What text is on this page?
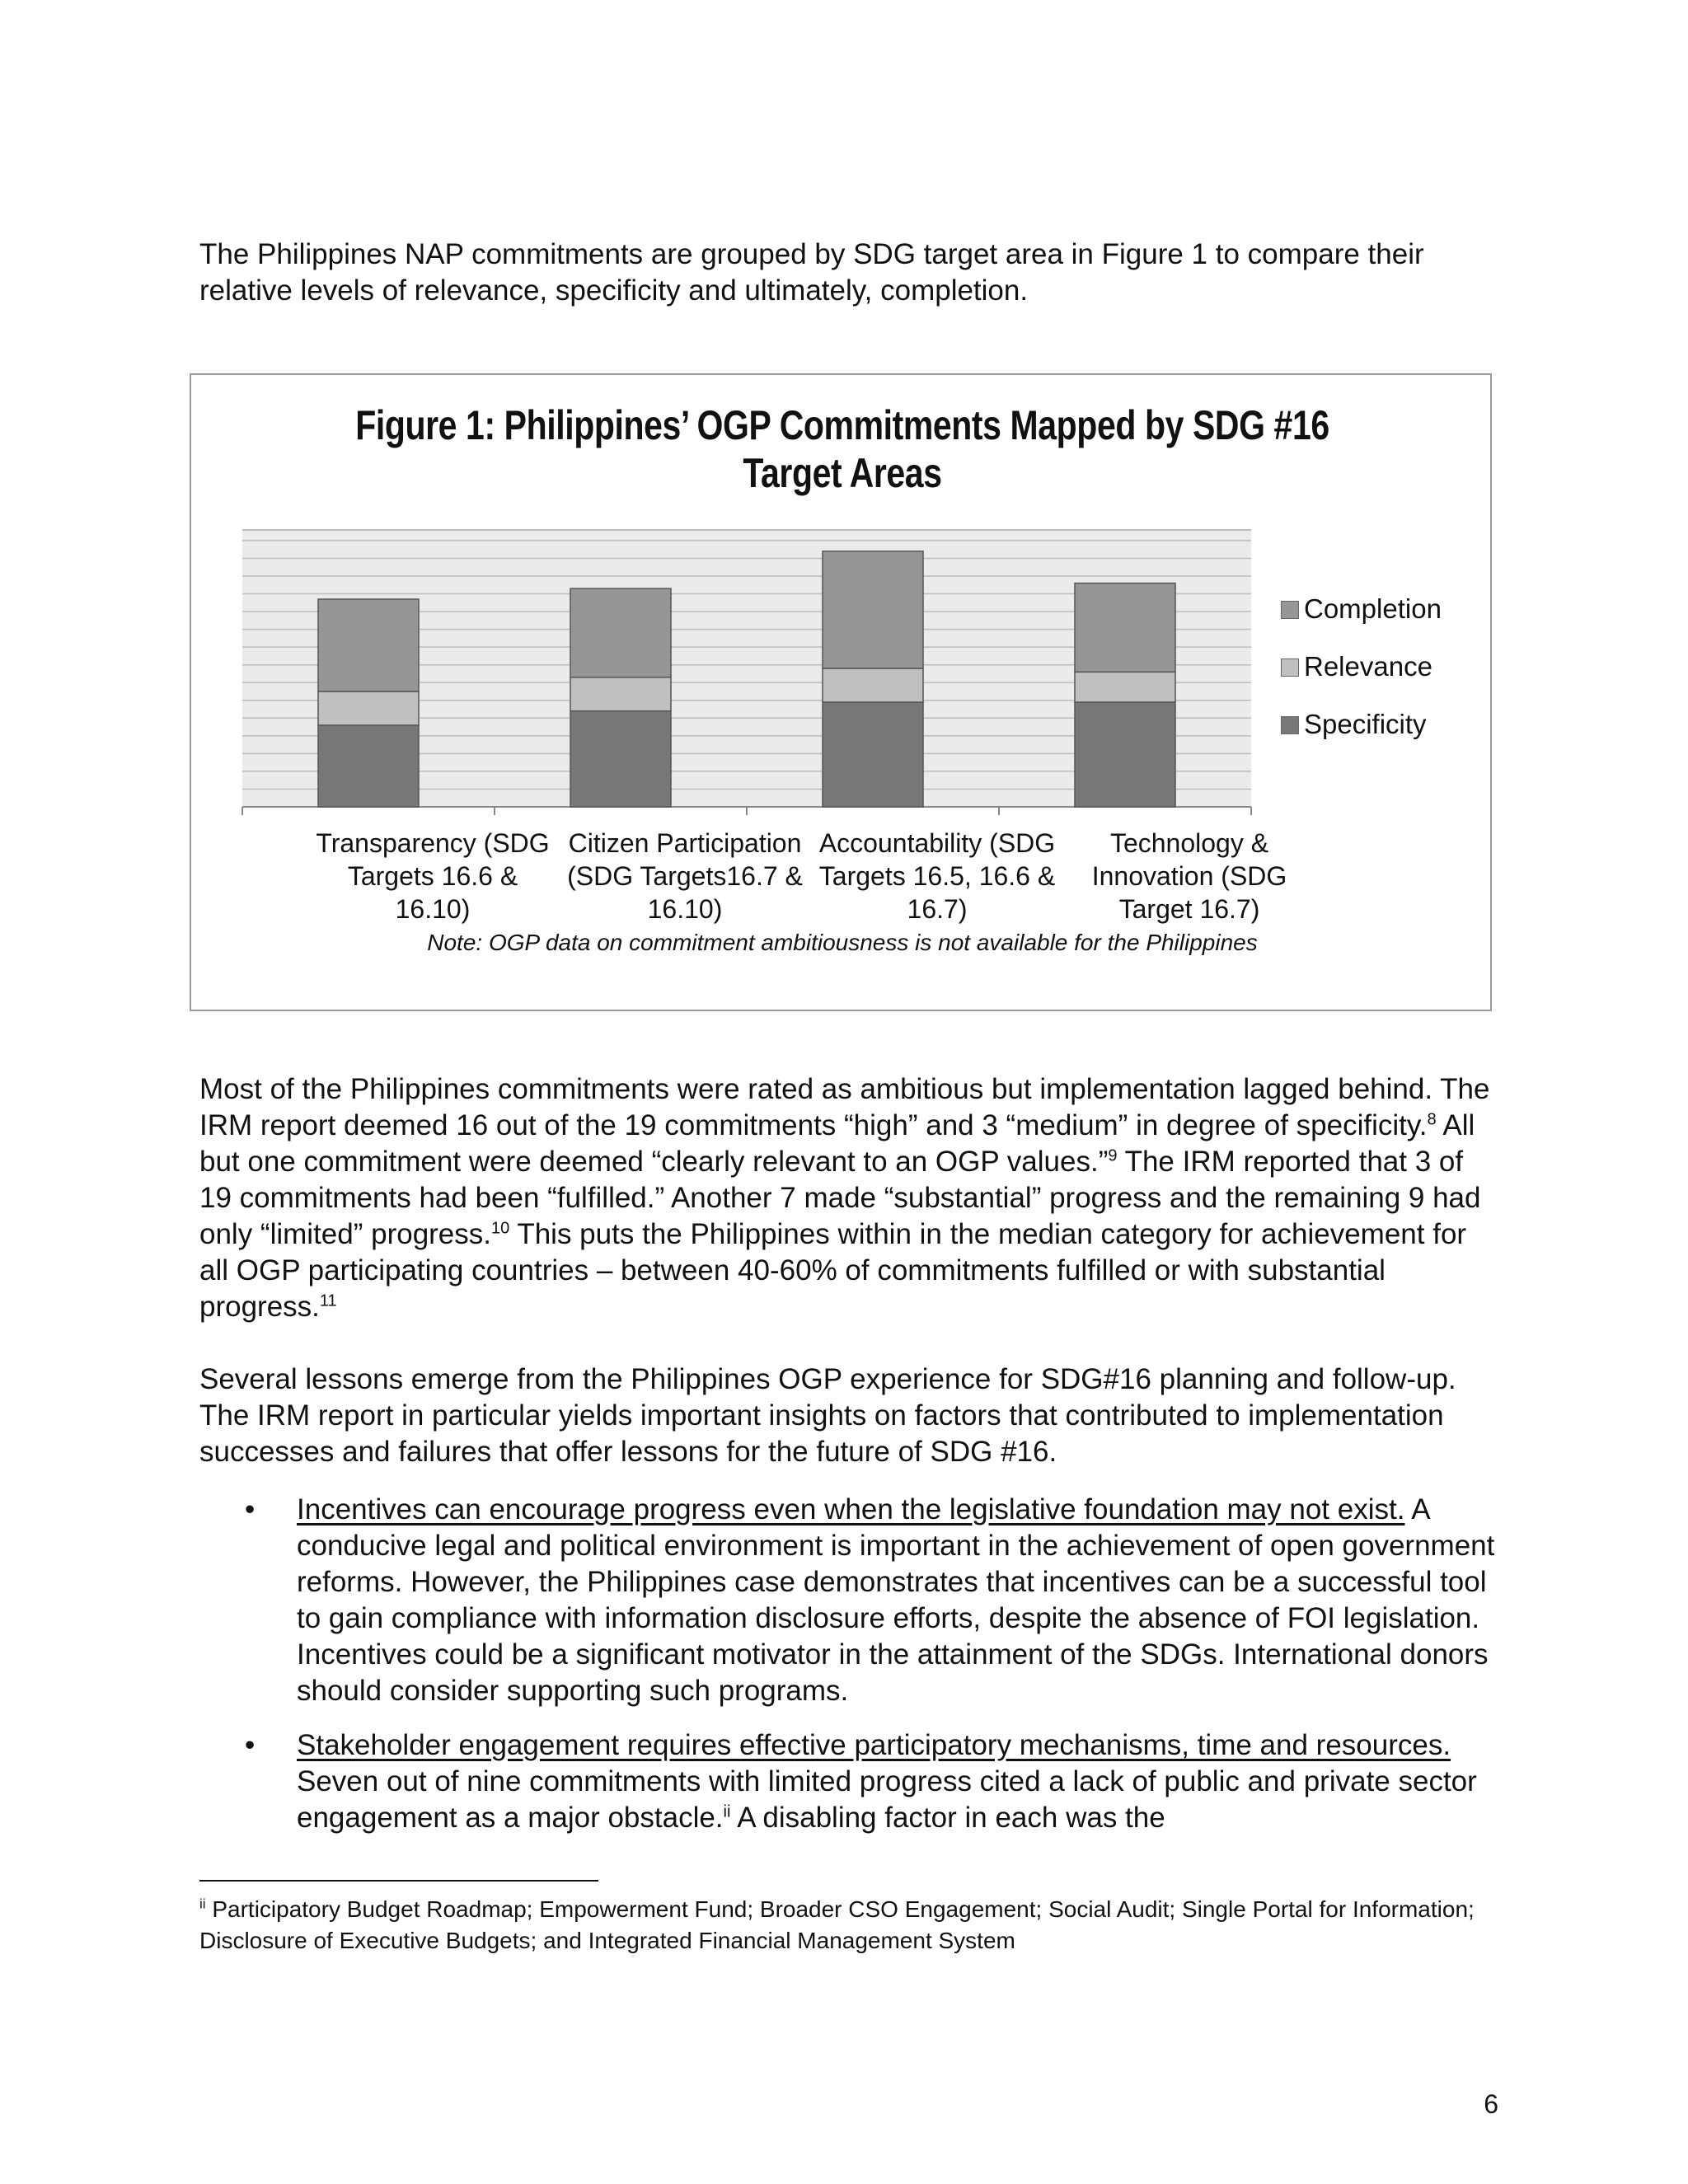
The Philippines NAP commitments are grouped by SDG target area in Figure 1 to compare their relative levels of relevance, specificity and ultimately, completion.

Figure 1: Philippines’ OGP Commitments Mapped by SDG #16
Target Areas
Transparency (SDG
Targets 16.6 &
16.10)
Citizen Participation
(SDG Targets16.7 &
16.10)
Accountability (SDG
Targets 16.5, 16.6 &
16.7)
Technology &
Innovation (SDG
Target 16.7)
Completion
Relevance
Specificity
Note: OGP data on commitment ambitiousness is not available for the Philippines

Most of the Philippines commitments were rated as ambitious but implementation lagged behind. The IRM report deemed 16 out of the 19 commitments “high” and 3 “medium” in degree of specificity.$^8$ All but one commitment were deemed “clearly relevant to an OGP values.”$^9$ The IRM reported that 3 of 19 commitments had been “fulfilled.” Another 7 made “substantial” progress and the remaining 9 had only “limited” progress.$^{10}$ This puts the Philippines within in the median category for achievement for all OGP participating countries – between 40-60% of commitments fulfilled or with substantial progress.$^{11}$

Several lessons emerge from the Philippines OGP experience for SDG#16 planning and follow-up. The IRM report in particular yields important insights on factors that contributed to implementation successes and failures that offer lessons for the future of SDG #16.

• Incentives can encourage progress even when the legislative foundation may not exist. A conducive legal and political environment is important in the achievement of open government reforms. However, the Philippines case demonstrates that incentives can be a successful tool to gain compliance with information disclosure efforts, despite the absence of FOI legislation. Incentives could be a significant motivator in the attainment of the SDGs. International donors should consider supporting such programs.
• Stakeholder engagement requires effective participatory mechanisms, time and resources. Seven out of nine commitments with limited progress cited a lack of public and private sector engagement as a major obstacle.$^{ii}$ A disabling factor in each was the

$^{ii}$ Participatory Budget Roadmap; Empowerment Fund; Broader CSO Engagement; Social Audit; Single Portal for Information; Disclosure of Executive Budgets; and Integrated Financial Management System

6
